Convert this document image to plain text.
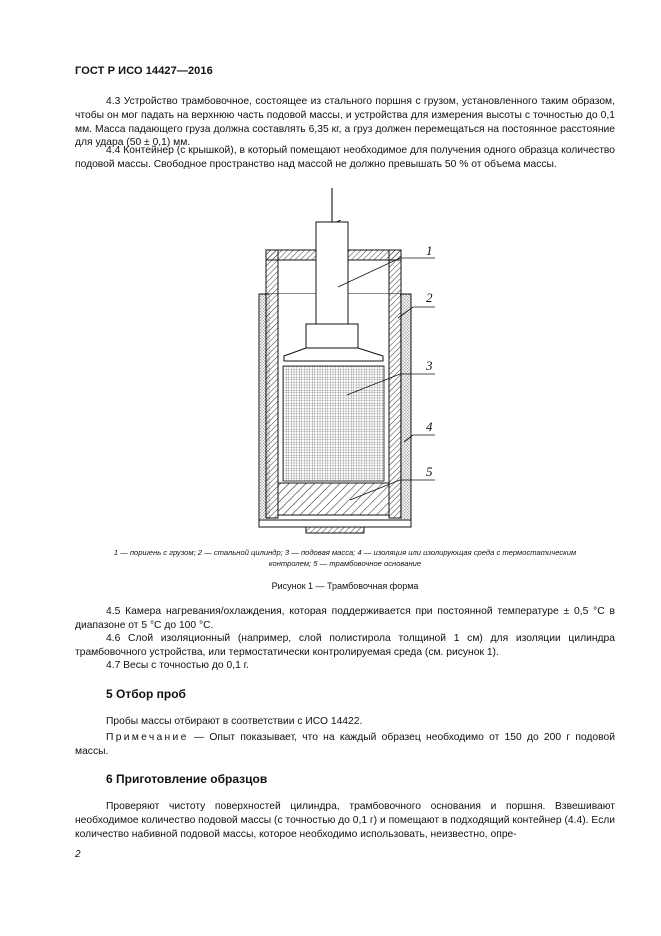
ГОСТ Р ИСО 14427—2016
4.3 Устройство трамбовочное, состоящее из стального поршня с грузом, установленного таким образом, чтобы он мог падать на верхнюю часть подовой массы, и устройства для измерения высоты с точностью до 0,1 мм. Масса падающего груза должна составлять 6,35 кг, а груз должен перемещаться на постоянное расстояние для удара (50 ± 0,1) мм.
4.4 Контейнер (с крышкой), в который помещают необходимое для получения одного образца количество подовой массы. Свободное пространство над массой не должно превышать 50 % от объема массы.
1
2
3
4
5
1 — поршень с грузом; 2 — стальной цилиндр; 3 — подовая масса; 4 — изоляция или изолирующая среда с термостатическим
контролем; 5 — трамбовочное основание
Рисунок 1 — Трамбовочная форма
4.5 Камера нагревания/охлаждения, которая поддерживается при постоянной температуре ± 0,5 °С в диапазоне от 5 °С до 100 °С.
4.6 Слой изоляционный (например, слой полистирола толщиной 1 см) для изоляции цилиндра трамбовочного устройства, или термостатически контролируемая среда (см. рисунок 1).
4.7 Весы с точностью до 0,1 г.
5 Отбор проб
Пробы массы отбирают в соответствии с ИСО 14422.
Примечание — Опыт показывает, что на каждый образец необходимо от 150 до 200 г подовой массы.
6 Приготовление образцов
Проверяют чистоту поверхностей цилиндра, трамбовочного основания и поршня. Взвешивают необходимое количество подовой массы (с точностью до 0,1 г) и помещают в подходящий контейнер (4.4). Если количество набивной подовой массы, которое необходимо использовать, неизвестно, опре-
2
